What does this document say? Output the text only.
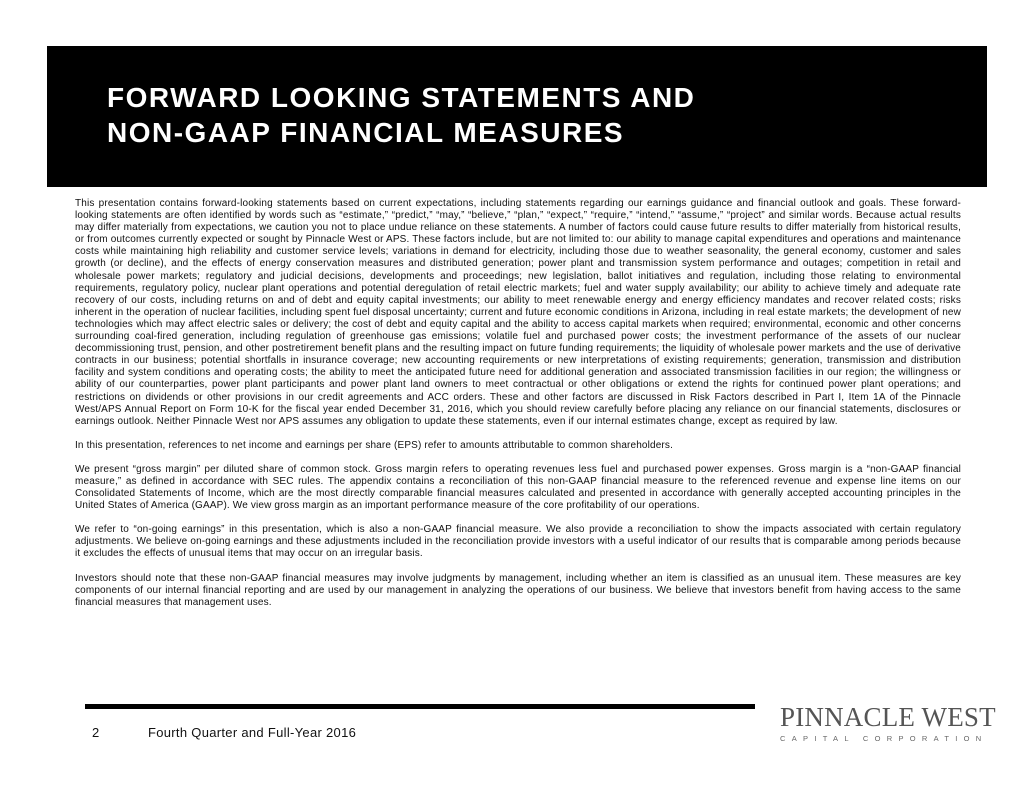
FORWARD LOOKING STATEMENTS AND
NON-GAAP FINANCIAL MEASURES

This presentation contains forward-looking statements based on current expectations, including statements regarding our earnings guidance and financial outlook and goals. These forward-looking statements are often identified by words such as “estimate,” “predict,” “may,” “believe,” “plan,” “expect,” “require,” “intend,” “assume,” “project” and similar words. Because actual results may differ materially from expectations, we caution you not to place undue reliance on these statements. A number of factors could cause future results to differ materially from historical results, or from outcomes currently expected or sought by Pinnacle West or APS. These factors include, but are not limited to: our ability to manage capital expenditures and operations and maintenance costs while maintaining high reliability and customer service levels; variations in demand for electricity, including those due to weather seasonality, the general economy, customer and sales growth (or decline), and the effects of energy conservation measures and distributed generation; power plant and transmission system performance and outages; competition in retail and wholesale power markets; regulatory and judicial decisions, developments and proceedings; new legislation, ballot initiatives and regulation, including those relating to environmental requirements, regulatory policy, nuclear plant operations and potential deregulation of retail electric markets; fuel and water supply availability; our ability to achieve timely and adequate rate recovery of our costs, including returns on and of debt and equity capital investments; our ability to meet renewable energy and energy efficiency mandates and recover related costs; risks inherent in the operation of nuclear facilities, including spent fuel disposal uncertainty; current and future economic conditions in Arizona, including in real estate markets; the development of new technologies which may affect electric sales or delivery; the cost of debt and equity capital and the ability to access capital markets when required; environmental, economic and other concerns surrounding coal-fired generation, including regulation of greenhouse gas emissions; volatile fuel and purchased power costs; the investment performance of the assets of our nuclear decommissioning trust, pension, and other postretirement benefit plans and the resulting impact on future funding requirements; the liquidity of wholesale power markets and the use of derivative contracts in our business; potential shortfalls in insurance coverage; new accounting requirements or new interpretations of existing requirements; generation, transmission and distribution facility and system conditions and operating costs; the ability to meet the anticipated future need for additional generation and associated transmission facilities in our region; the willingness or ability of our counterparties, power plant participants and power plant land owners to meet contractual or other obligations or extend the rights for continued power plant operations; and restrictions on dividends or other provisions in our credit agreements and ACC orders. These and other factors are discussed in Risk Factors described in Part I, Item 1A of the Pinnacle West/APS Annual Report on Form 10-K for the fiscal year ended December 31, 2016, which you should review carefully before placing any reliance on our financial statements, disclosures or earnings outlook. Neither Pinnacle West nor APS assumes any obligation to update these statements, even if our internal estimates change, except as required by law.

In this presentation, references to net income and earnings per share (EPS) refer to amounts attributable to common shareholders.

We present “gross margin” per diluted share of common stock. Gross margin refers to operating revenues less fuel and purchased power expenses. Gross margin is a “non-GAAP financial measure,” as defined in accordance with SEC rules. The appendix contains a reconciliation of this non-GAAP financial measure to the referenced revenue and expense line items on our Consolidated Statements of Income, which are the most directly comparable financial measures calculated and presented in accordance with generally accepted accounting principles in the United States of America (GAAP). We view gross margin as an important performance measure of the core profitability of our operations.

We refer to “on-going earnings” in this presentation, which is also a non-GAAP financial measure. We also provide a reconciliation to show the impacts associated with certain regulatory adjustments. We believe on-going earnings and these adjustments included in the reconciliation provide investors with a useful indicator of our results that is comparable among periods because it excludes the effects of unusual items that may occur on an irregular basis.

Investors should note that these non-GAAP financial measures may involve judgments by management, including whether an item is classified as an unusual item. These measures are key components of our internal financial reporting and are used by our management in analyzing the operations of our business. We believe that investors benefit from having access to the same financial measures that management uses.

2	Fourth Quarter and Full-Year 2016
PINNACLE WEST
CAPITAL CORPORATION
